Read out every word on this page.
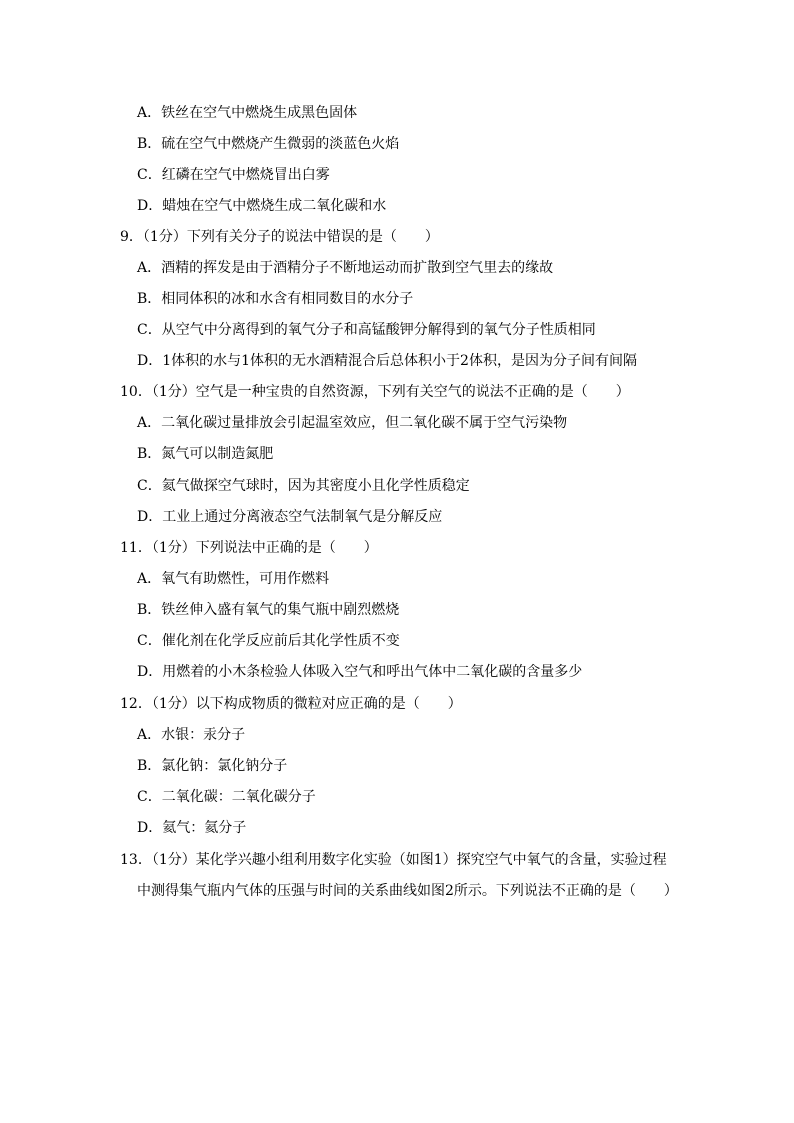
A．铁丝在空气中燃烧生成黑色固体
B．硫在空气中燃烧产生微弱的淡蓝色火焰
C．红磷在空气中燃烧冒出白雾
D．蜡烛在空气中燃烧生成二氧化碳和水
9．（1分）下列有关分子的说法中错误的是（　　）
A．酒精的挥发是由于酒精分子不断地运动而扩散到空气里去的缘故
B．相同体积的冰和水含有相同数目的水分子
C．从空气中分离得到的氧气分子和高锰酸钾分解得到的氧气分子性质相同
D．1体积的水与1体积的无水酒精混合后总体积小于2体积，是因为分子间有间隔
10．（1分）空气是一种宝贵的自然资源，下列有关空气的说法不正确的是（　　）
A．二氧化碳过量排放会引起温室效应，但二氧化碳不属于空气污染物
B．氮气可以制造氮肥
C．氦气做探空气球时，因为其密度小且化学性质稳定
D．工业上通过分离液态空气法制氧气是分解反应
11．（1分）下列说法中正确的是（　　）
A．氧气有助燃性，可用作燃料
B．铁丝伸入盛有氧气的集气瓶中剧烈燃烧
C．催化剂在化学反应前后其化学性质不变
D．用燃着的小木条检验人体吸入空气和呼出气体中二氧化碳的含量多少
12．（1分）以下构成物质的微粒对应正确的是（　　）
A．水银：汞分子
B．氯化钠：氯化钠分子
C．二氧化碳：二氧化碳分子
D．氦气：氦分子
13．（1分）某化学兴趣小组利用数字化实验（如图1）探究空气中氧气的含量，实验过程
中测得集气瓶内气体的压强与时间的关系曲线如图2所示。下列说法不正确的是（　　）
